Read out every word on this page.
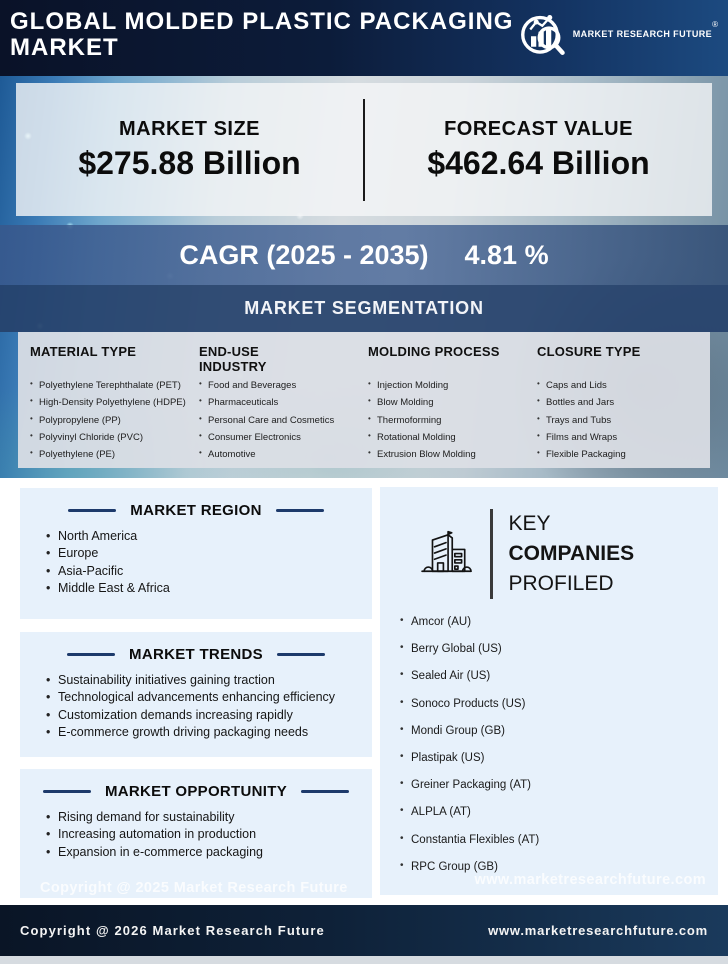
GLOBAL MOLDED PLASTIC PACKAGING
MARKET	MARKET RESEARCH FUTURE
®
MARKET SIZE
$275.88 Billion
FORECAST VALUE
$462.64 Billion
CAGR (2025 - 2035) 4.81 %
MARKET SEGMENTATION
MATERIAL TYPE
• Polyethylene Terephthalate (PET)
• High-Density Polyethylene (HDPE)
• Polypropylene (PP)
• Polyvinyl Chloride (PVC)
• Polyethylene (PE)
END-USE INDUSTRY
• Food and Beverages
• Pharmaceuticals
• Personal Care and Cosmetics
• Consumer Electronics
• Automotive
MOLDING PROCESS
• Injection Molding
• Blow Molding
• Thermoforming
• Rotational Molding
• Extrusion Blow Molding
CLOSURE TYPE
• Caps and Lids
• Bottles and Jars
• Trays and Tubs
• Films and Wraps
• Flexible Packaging
MARKET REGION
• North America
• Europe
• Asia-Pacific
• Middle East & Africa
MARKET TRENDS
• Sustainability initiatives gaining traction
• Technological advancements enhancing efficiency
• Customization demands increasing rapidly
• E-commerce growth driving packaging needs
MARKET OPPORTUNITY
• Rising demand for sustainability
• Increasing automation in production
• Expansion in e-commerce packaging
KEY
COMPANIES
PROFILED
• Amcor (AU)
• Berry Global (US)
• Sealed Air (US)
• Sonoco Products (US)
• Mondi Group (GB)
• Plastipak (US)
• Greiner Packaging (AT)
• ALPLA (AT)
• Constantia Flexibles (AT)
• RPC Group (GB)
Copyright @ 2025 Market Research Future	www.marketresearchfuture.com
Copyright @ 2026 Market Research Future	www.marketresearchfuture.com
